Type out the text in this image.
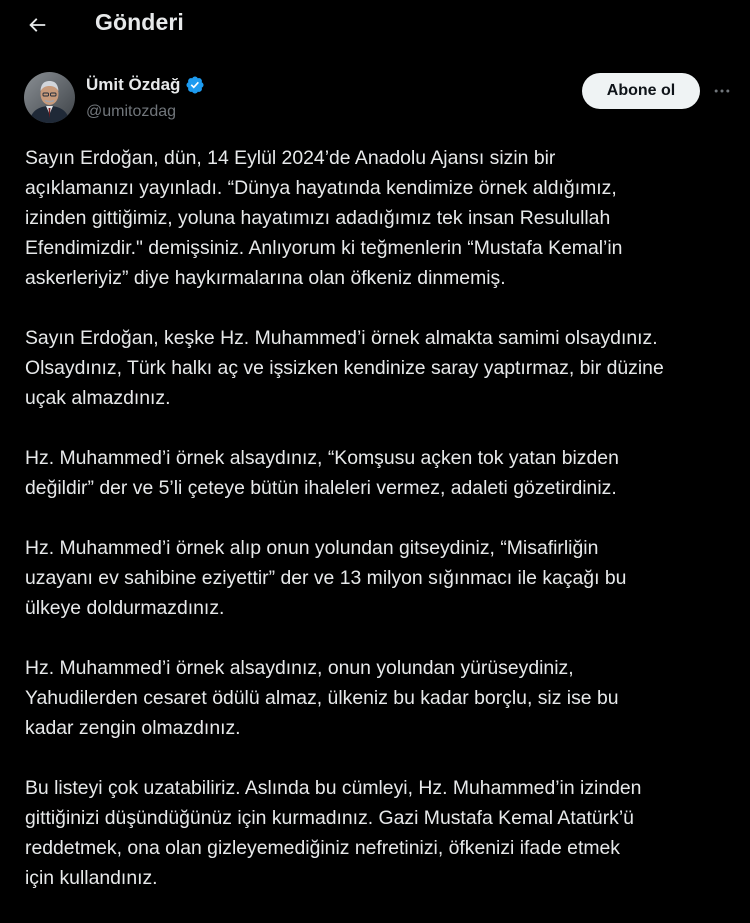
Gönderi
Ümit Özdağ
@umitozdag
Abone ol

Sayın Erdoğan, dün, 14 Eylül 2024’de Anadolu Ajansı sizin bir
açıklamanızı yayınladı. “Dünya hayatında kendimize örnek aldığımız,
izinden gittiğimiz, yoluna hayatımızı adadığımız tek insan Resulullah
Efendimizdir." demişsiniz. Anlıyorum ki teğmenlerin “Mustafa Kemal’in
askerleriyiz” diye haykırmalarına olan öfkeniz dinmemiş.

Sayın Erdoğan, keşke Hz. Muhammed’i örnek almakta samimi olsaydınız.
Olsaydınız, Türk halkı aç ve işsizken kendinize saray yaptırmaz, bir düzine
uçak almazdınız.

Hz. Muhammed’i örnek alsaydınız, “Komşusu açken tok yatan bizden
değildir” der ve 5’li çeteye bütün ihaleleri vermez, adaleti gözetirdiniz.

Hz. Muhammed’i örnek alıp onun yolundan gitseydiniz, “Misafirliğin
uzayanı ev sahibine eziyettir” der ve 13 milyon sığınmacı ile kaçağı bu
ülkeye doldurmazdınız.

Hz. Muhammed’i örnek alsaydınız, onun yolundan yürüseydiniz,
Yahudilerden cesaret ödülü almaz, ülkeniz bu kadar borçlu, siz ise bu
kadar zengin olmazdınız.

Bu listeyi çok uzatabiliriz. Aslında bu cümleyi, Hz. Muhammed’in izinden
gittiğinizi düşündüğünüz için kurmadınız. Gazi Mustafa Kemal Atatürk’ü
reddetmek, ona olan gizleyemediğiniz nefretinizi, öfkenizi ifade etmek
için kullandınız.
